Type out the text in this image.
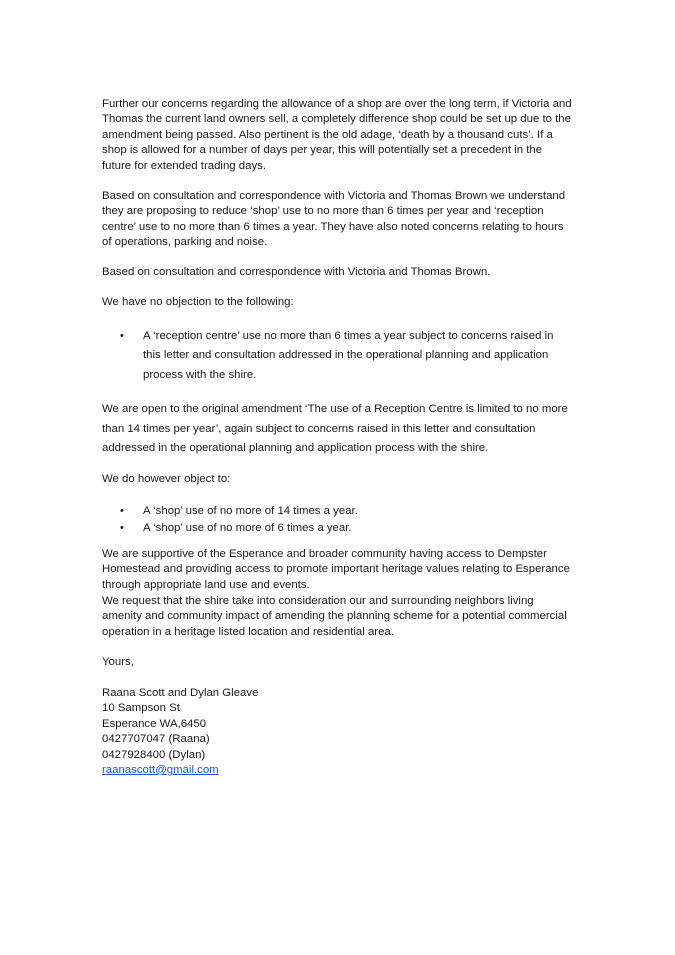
Further our concerns regarding the allowance of a shop are over the long term, if Victoria and Thomas the current land owners sell, a completely difference shop could be set up due to the amendment being passed. Also pertinent is the old adage, ‘death by a thousand cuts’. If a shop is allowed for a number of days per year, this will potentially set a precedent in the future for extended trading days.

Based on consultation and correspondence with Victoria and Thomas Brown we understand they are proposing to reduce ‘shop’ use to no more than 6 times per year and ‘reception centre’ use to no more than 6 times a year. They have also noted concerns relating to hours of operations, parking and noise.

Based on consultation and correspondence with Victoria and Thomas Brown.

We have no objection to the following:

• A ‘reception centre’ use no more than 6 times a year subject to concerns raised in this letter and consultation addressed in the operational planning and application process with the shire.

We are open to the original amendment ‘The use of a Reception Centre is limited to no more than 14 times per year’, again subject to concerns raised in this letter and consultation addressed in the operational planning and application process with the shire.

We do however object to:

• A ‘shop’ use of no more of 14 times a year.
• A ‘shop’ use of no more of 6 times a year.

We are supportive of the Esperance and broader community having access to Dempster Homestead and providing access to promote important heritage values relating to Esperance through appropriate land use and events.

We request that the shire take into consideration our and surrounding neighbors living amenity and community impact of amending the planning scheme for a potential commercial operation in a heritage listed location and residential area.

Yours,

Raana Scott and Dylan Gleave
10 Sampson St
Esperance WA,6450
0427707047 (Raana)
0427928400 (Dylan)
raanascott@gmail.com
